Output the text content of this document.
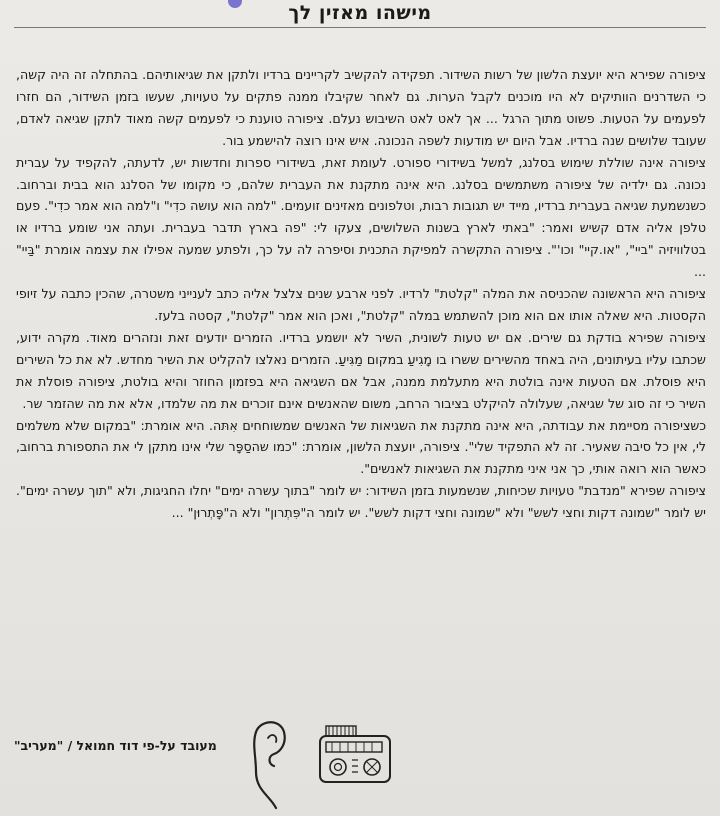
מישהו מאזין לך

ציפורה שפירא היא יועצת הלשון של רשות השידור. תפקידה להקשיב לקריינים ברדיו ולתקן את שגיאותיהם. בהתחלה זה היה קשה, כי השדרנים הוותיקים לא היו מוכנים לקבל הערות. גם לאחר שקיבלו ממנה פתקים על טעויות, שעשו בזמן השידור, הם חזרו לפעמים על הטעות. פשוט מתוך הרגל ... אך לאט לאט השיבוש נעלם. ציפורה טוענת כי לפעמים קשה מאוד לתקן שגיאה לאדם, שעובד שלושים שנה ברדיו. אבל היום יש מודעות לשפה הנכונה. איש אינו רוצה להישמע בור.

ציפורה אינה שוללת שימוש בסלנג, למשל בשידורי ספורט. לעומת זאת, בשידורי ספרות וחדשות יש, לדעתה, להקפיד על עברית נכונה. גם ילדיה של ציפורה משתמשים בסלנג. היא אינה מתקנת את העברית שלהם, כי מקומו של הסלנג הוא בבית וברחוב. כשנשמעת שגיאה בעברית ברדיו, מייד יש תגובות רבות, וטלפונים מאזינים זועמים. "למה הוא עושה כדִי" ו"למה הוא אמר כדִי". פעם טלפן אליה אדם קשיש ואמר: "באתי לארץ בשנות השלושים, צעקו לי: "פה בארץ תדבר בעברית. ועתה אני שומע ברדיו או בטלוויזיה "ביי", "או.קיי" וכו'". ציפורה התקשרה למפיקת התכנית וסיפרה לה על כך, ולפתע שמעה אפילו את עצמה אומרת "בַּיי" ...

ציפורה היא הראשונה שהכניסה את המלה "קלטת" לרדיו. לפני ארבע שנים צלצל אליה כתב לענייני משטרה, שהכין כתבה על זיופי הקסטות. היא שאלה אותו אם הוא מוכן להשתמש במלה "קלטת", ואכן הוא אמר "קלטת", קסטה בלעז.

ציפורה שפירא בודקת גם שירים. אם יש טעות לשונית, השיר לא יושמע ברדיו. הזמרים יודעים זאת ונזהרים מאוד. מקרה ידוע, שכתבו עליו בעיתונים, היה באחד מהשירים ששרו בו מָגִיעַ במקום מַגִּיעַ. הזמרים נאלצו להקליט את השיר מחדש. לא את כל השירים היא פוסלת. אם הטעות אינה בולטת היא מתעלמת ממנה, אבל אם השגיאה היא בפזמון החוזר והיא בולטת, ציפורה פוסלת את השיר כי זה סוג של שגיאה, שעלולה להיקלט בציבור הרחב, משום שהאנשים אינם זוכרים את מה שלמדו, אלא את מה שהזמר שר.

כשציפורה מסיימת את עבודתה, היא אינה מתקנת את השגיאות של האנשים שמשוחחים אִתּה. היא אומרת: "במקום שלא משלמים לי, אין כל סיבה שאעיר. זה לא התפקיד שלי". ציפורה, יועצת הלשון, אומרת: "כמו שהסַפָּר שלי אינו מתקן לי את התספורת ברחוב, כאשר הוא רואה אותי, כך אני איני מתקנת את השגיאות לאנשים".

ציפורה שפירא "מנדבת" טעויות שכיחות, שנשמעות בזמן השידור: יש לומר "בתוך עשרה ימים" יחלו החגיגות, ולא "תוך עשרה ימים". יש לומר "שמונה דקות וחצי לשש" ולא "שמונה וחצי דקות לשש". יש לומר ה"פִּתְרון" ולא ה"פָּתְרוּן" ...

מעובד על-פי דוד חמואל / "מעריב"
